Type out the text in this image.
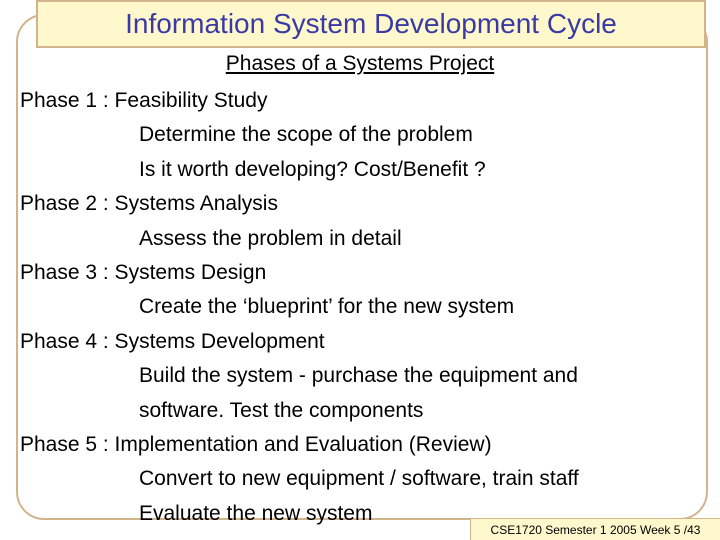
Information System Development Cycle
Phases of a Systems Project
Phase 1 : Feasibility Study
Determine the scope of the problem
Is it worth developing? Cost/Benefit ?
Phase 2 : Systems Analysis
Assess the problem in detail
Phase 3 : Systems Design
Create the ‘blueprint’ for the new system
Phase 4 : Systems Development
Build the system - purchase the equipment and
software. Test the components
Phase 5 : Implementation and Evaluation (Review)
Convert to new equipment / software, train staff
Evaluate the new system
CSE1720 Semester 1 2005 Week 5 /43
